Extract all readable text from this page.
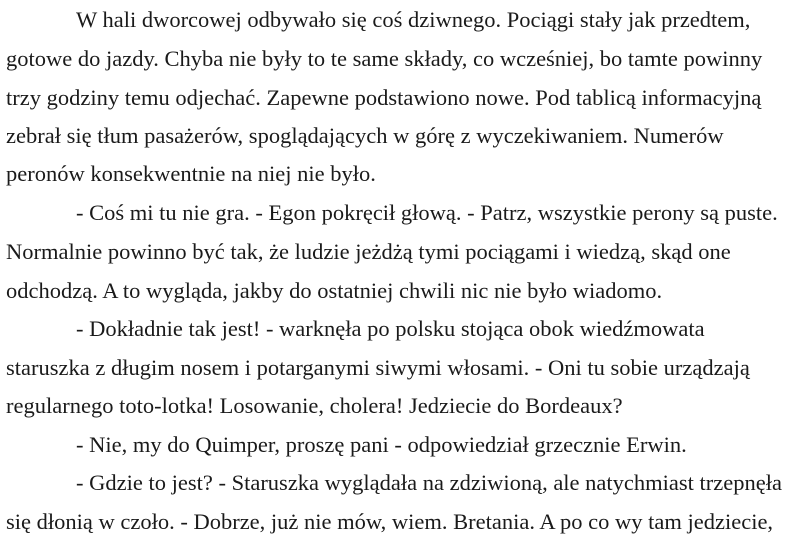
W hali dworcowej odbywało się coś dziwnego. Pociągi stały jak przedtem,
gotowe do jazdy. Chyba nie były to te same składy, co wcześniej, bo tamte powinny
trzy godziny temu odjechać. Zapewne podstawiono nowe. Pod tablicą informacyjną
zebrał się tłum pasażerów, spoglądających w górę z wyczekiwaniem. Numerów
peronów konsekwentnie na niej nie było.
- Coś mi tu nie gra. - Egon pokręcił głową. - Patrz, wszystkie perony są puste.
Normalnie powinno być tak, że ludzie jeżdżą tymi pociągami i wiedzą, skąd one
odchodzą. A to wygląda, jakby do ostatniej chwili nic nie było wiadomo.
- Dokładnie tak jest! - warknęła po polsku stojąca obok wiedźmowata
staruszka z długim nosem i potarganymi siwymi włosami. - Oni tu sobie urządzają
regularnego toto-lotka! Losowanie, cholera! Jedziecie do Bordeaux?
- Nie, my do Quimper, proszę pani - odpowiedział grzecznie Erwin.
- Gdzie to jest? - Staruszka wyglądała na zdziwioną, ale natychmiast trzepnęła
się dłonią w czoło. - Dobrze, już nie mów, wiem. Bretania. A po co wy tam jedziecie,
